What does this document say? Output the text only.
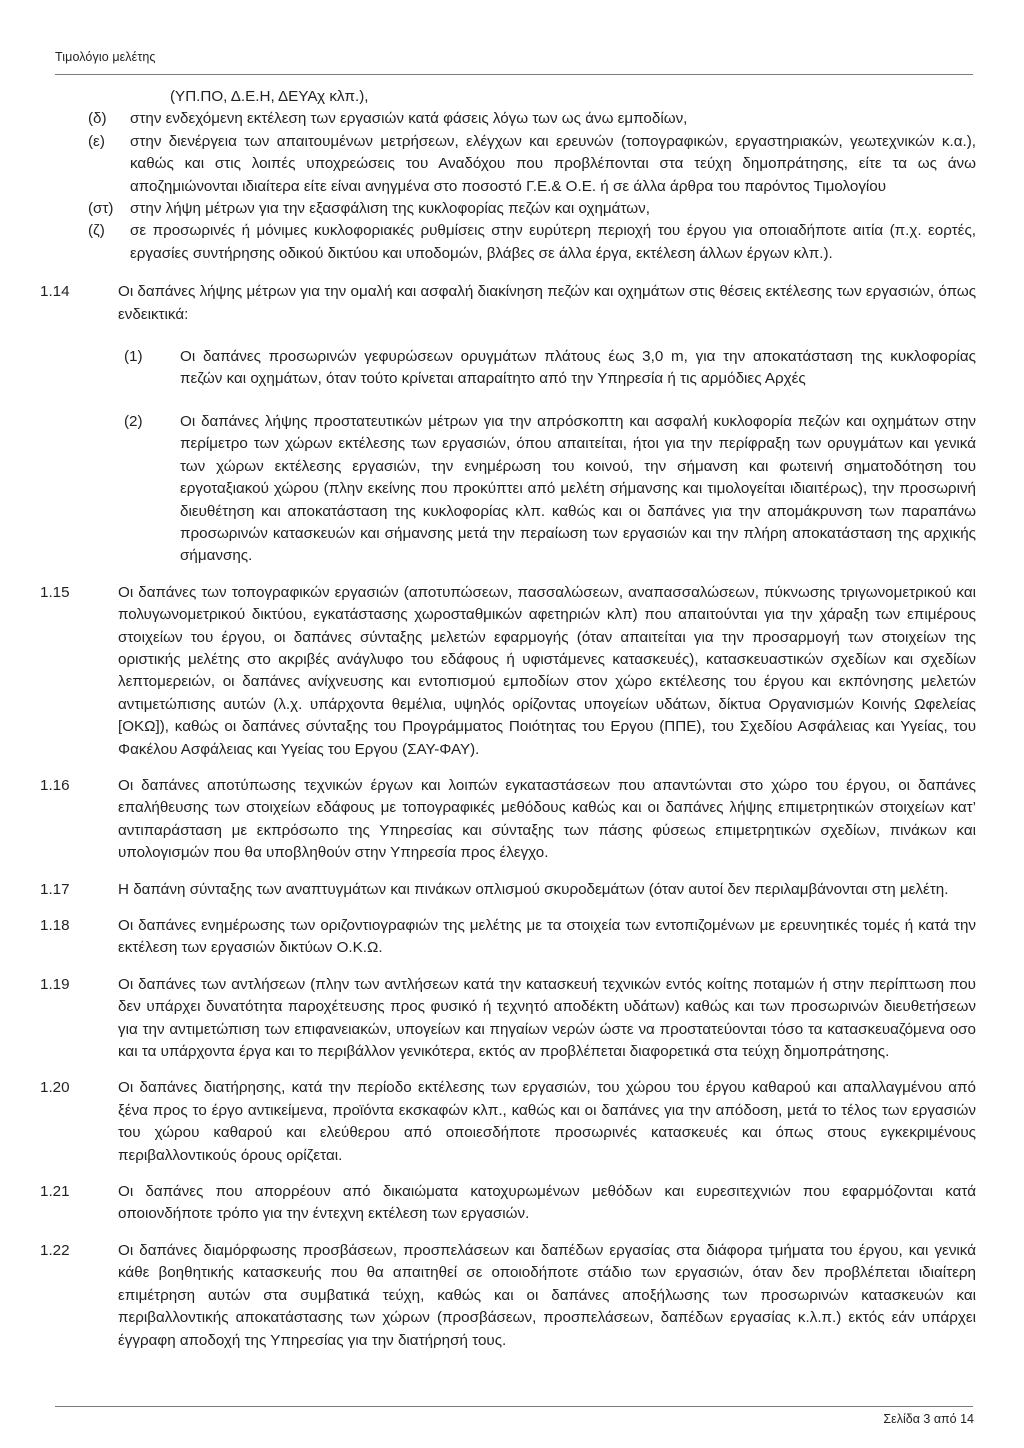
Τιμολόγιο μελέτης
(ΥΠ.ΠΟ, Δ.Ε.Η, ΔΕΥΑχ κλπ.),
(δ)	στην ενδεχόμενη εκτέλεση των εργασιών κατά φάσεις λόγω των ως άνω εμποδίων,
(ε)	στην διενέργεια των απαιτουμένων μετρήσεων, ελέγχων και ερευνών (τοπογραφικών, εργαστηριακών, γεωτεχνικών κ.α.), καθώς και στις λοιπές υποχρεώσεις του Αναδόχου που προβλέπονται στα τεύχη δημοπράτησης, είτε τα ως άνω αποζημιώνονται ιδιαίτερα είτε είναι ανηγμένα στο ποσοστό Γ.Ε.& Ο.Ε. ή σε άλλα άρθρα του παρόντος Τιμολογίου
(στ)	στην λήψη μέτρων για την εξασφάλιση της κυκλοφορίας πεζών και οχημάτων,
(ζ)	σε προσωρινές ή μόνιμες κυκλοφοριακές ρυθμίσεις στην ευρύτερη περιοχή του έργου για οποιαδήποτε αιτία (π.χ. εορτές, εργασίες συντήρησης οδικού δικτύου και υποδομών, βλάβες σε άλλα έργα, εκτέλεση άλλων έργων κλπ.).
1.14	Οι δαπάνες λήψης μέτρων για την ομαλή και ασφαλή διακίνηση πεζών και οχημάτων στις θέσεις εκτέλεσης των εργασιών, όπως ενδεικτικά:
(1)	Οι δαπάνες προσωρινών γεφυρώσεων ορυγμάτων πλάτους έως 3,0 m, για την αποκατάσταση της κυκλοφορίας πεζών και οχημάτων, όταν τούτο κρίνεται απαραίτητο από την Υπηρεσία ή τις αρμόδιες Αρχές
(2)	Οι δαπάνες λήψης προστατευτικών μέτρων για την απρόσκοπτη και ασφαλή κυκλοφορία πεζών και οχημάτων στην περίμετρο των χώρων εκτέλεσης των εργασιών, όπου απαιτείται, ήτοι για την περίφραξη των ορυγμάτων και γενικά των χώρων εκτέλεσης εργασιών, την ενημέρωση του κοινού, την σήμανση και φωτεινή σηματοδότηση του εργοταξιακού χώρου (πλην εκείνης που προκύπτει από μελέτη σήμανσης και τιμολογείται ιδιαιτέρως), την προσωρινή διευθέτηση και αποκατάσταση της κυκλοφορίας κλπ. καθώς και οι δαπάνες για την απομάκρυνση των παραπάνω προσωρινών κατασκευών και σήμανσης μετά την περαίωση των εργασιών και την πλήρη αποκατάσταση της αρχικής σήμανσης.
1.15	Οι δαπάνες των τοπογραφικών εργασιών (αποτυπώσεων, πασσαλώσεων, αναπασσαλώσεων, πύκνωσης τριγωνομετρικού και πολυγωνομετρικού δικτύου, εγκατάστασης χωροσταθμικών αφετηριών κλπ) που απαιτούνται για την χάραξη των επιμέρους στοιχείων του έργου, οι δαπάνες σύνταξης μελετών εφαρμογής (όταν απαιτείται για την προσαρμογή των στοιχείων της οριστικής μελέτης στο ακριβές ανάγλυφο του εδάφους ή υφιστάμενες κατασκευές), κατασκευαστικών σχεδίων και σχεδίων λεπτομερειών, οι δαπάνες ανίχνευσης και εντοπισμού εμποδίων στον χώρο εκτέλεσης του έργου και εκπόνησης μελετών αντιμετώπισης αυτών (λ.χ. υπάρχοντα θεμέλια, υψηλός ορίζοντας υπογείων υδάτων, δίκτυα Οργανισμών Κοινής Ωφελείας [ΟΚΩ]), καθώς οι δαπάνες σύνταξης του Προγράμματος Ποιότητας του Εργου (ΠΠΕ), του Σχεδίου Ασφάλειας και Υγείας, του Φακέλου Ασφάλειας και Υγείας του Εργου (ΣΑΥ-ΦΑΥ).
1.16	Οι δαπάνες αποτύπωσης τεχνικών έργων και λοιπών εγκαταστάσεων που απαντώνται στο χώρο του έργου, οι δαπάνες επαλήθευσης των στοιχείων εδάφους με τοπογραφικές μεθόδους καθώς και οι δαπάνες λήψης επιμετρητικών στοιχείων κατ’ αντιπαράσταση με εκπρόσωπο της Υπηρεσίας και σύνταξης των πάσης φύσεως επιμετρητικών σχεδίων, πινάκων και υπολογισμών που θα υποβληθούν στην Υπηρεσία προς έλεγχο.
1.17	Η δαπάνη σύνταξης των αναπτυγμάτων και πινάκων οπλισμού σκυροδεμάτων (όταν αυτοί δεν περιλαμβάνονται στη μελέτη.
1.18	Οι δαπάνες ενημέρωσης των οριζοντιογραφιών της μελέτης με τα στοιχεία των εντοπιζομένων με ερευνητικές τομές ή κατά την εκτέλεση των εργασιών δικτύων Ο.Κ.Ω.
1.19	Οι δαπάνες των αντλήσεων (πλην των αντλήσεων κατά την κατασκευή τεχνικών εντός κοίτης ποταμών ή στην περίπτωση που δεν υπάρχει δυνατότητα παροχέτευσης προς φυσικό ή τεχνητό αποδέκτη υδάτων) καθώς και των προσωρινών διευθετήσεων για την αντιμετώπιση των επιφανειακών, υπογείων και πηγαίων νερών ώστε να προστατεύονται τόσο τα κατασκευαζόμενα οσο και τα υπάρχοντα έργα και το περιβάλλον γενικότερα, εκτός αν προβλέπεται διαφορετικά στα τεύχη δημοπράτησης.
1.20	Οι δαπάνες διατήρησης, κατά την περίοδο εκτέλεσης των εργασιών, του χώρου του έργου καθαρού και απαλλαγμένου από ξένα προς το έργο αντικείμενα, προϊόντα εκσκαφών κλπ., καθώς και οι δαπάνες για την απόδοση, μετά το τέλος των εργασιών του χώρου καθαρού και ελεύθερου από οποιεσδήποτε προσωρινές κατασκευές και όπως στους εγκεκριμένους περιβαλλοντικούς όρους ορίζεται.
1.21	Οι δαπάνες που απορρέουν από δικαιώματα κατοχυρωμένων μεθόδων και ευρεσιτεχνιών που εφαρμόζονται κατά οποιονδήποτε τρόπο για την έντεχνη εκτέλεση των εργασιών.
1.22	Οι δαπάνες διαμόρφωσης προσβάσεων, προσπελάσεων και δαπέδων εργασίας στα διάφορα τμήματα του έργου, και γενικά κάθε βοηθητικής κατασκευής που θα απαιτηθεί σε οποιοδήποτε στάδιο των εργασιών, όταν δεν προβλέπεται ιδιαίτερη επιμέτρηση αυτών στα συμβατικά τεύχη, καθώς και οι δαπάνες αποξήλωσης των προσωρινών κατασκευών και περιβαλλοντικής αποκατάστασης των χώρων (προσβάσεων, προσπελάσεων, δαπέδων εργασίας κ.λ.π.) εκτός εάν υπάρχει έγγραφη αποδοχή της Υπηρεσίας για την διατήρησή τους.
Σελίδα 3 από 14
